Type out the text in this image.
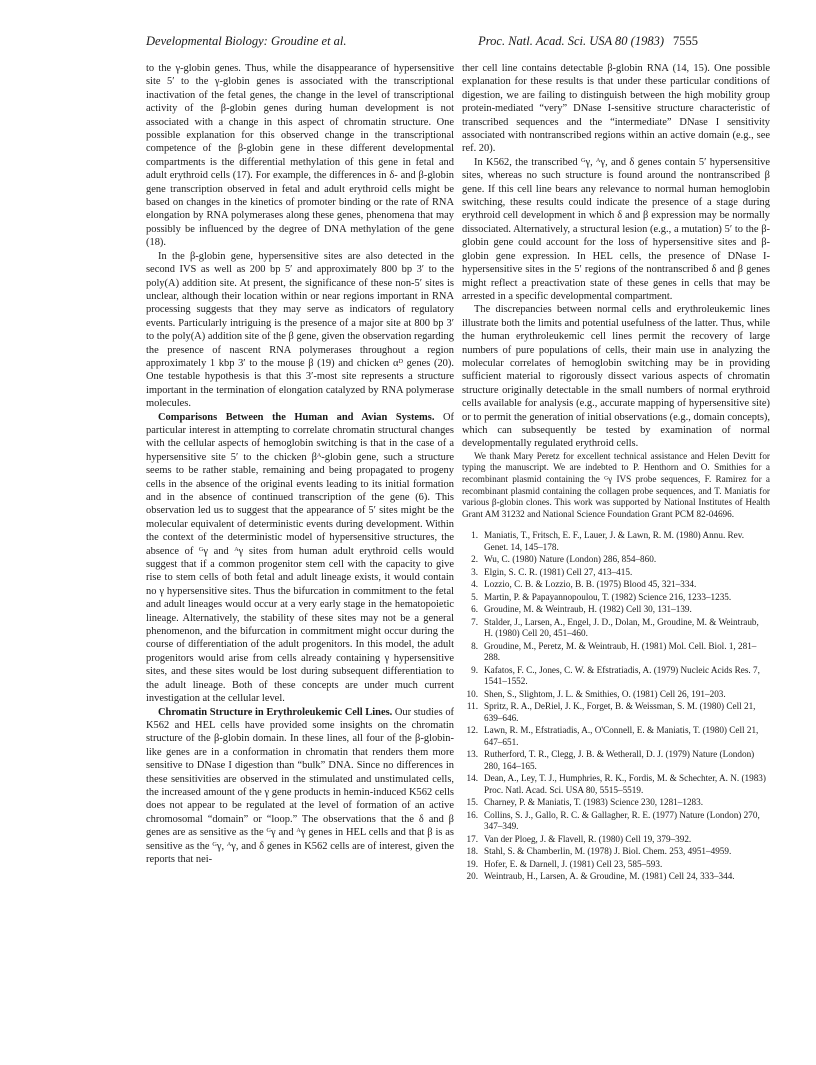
Developmental Biology: Groudine et al.	Proc. Natl. Acad. Sci. USA 80 (1983) 7555

to the γ-globin genes. Thus, while the disappearance of hypersensitive site 5′ to the γ-globin genes is associated with the transcriptional inactivation of the fetal genes, the change in the level of transcriptional activity of the β-globin genes during human development is not associated with a change in this aspect of chromatin structure. One possible explanation for this observed change in the transcriptional competence of the β-globin gene in these different developmental compartments is the differential methylation of this gene in fetal and adult erythroid cells (17). For example, the differences in δ- and β-globin gene transcription observed in fetal and adult erythroid cells might be based on changes in the kinetics of promoter binding or the rate of RNA elongation by RNA polymerases along these genes, phenomena that may possibly be influenced by the degree of DNA methylation of the gene (18).

In the β-globin gene, hypersensitive sites are also detected in the second IVS as well as 200 bp 5′ and approximately 800 bp 3′ to the poly(A) addition site. At present, the significance of these non-5′ sites is unclear, although their location within or near regions important in RNA processing suggests that they may serve as indicators of regulatory events. Particularly intriguing is the presence of a major site at 800 bp 3′ to the poly(A) addition site of the β gene, given the observation regarding the presence of nascent RNA polymerases throughout a region approximately 1 kbp 3′ to the mouse β (19) and chicken αᴰ genes (20). One testable hypothesis is that this 3′-most site represents a structure important in the termination of elongation catalyzed by RNA polymerase molecules.

Comparisons Between the Human and Avian Systems. Of particular interest in attempting to correlate chromatin structural changes with the cellular aspects of hemoglobin switching is that in the case of a hypersensitive site 5′ to the chicken βᴬ-globin gene, such a structure seems to be rather stable, remaining and being propagated to progeny cells in the absence of the original events leading to its initial formation and in the absence of continued transcription of the gene (6). This observation led us to suggest that the appearance of 5′ sites might be the molecular equivalent of deterministic events during development. Within the context of the deterministic model of hypersensitive structures, the absence of ᴳγ and ᴬγ sites from human adult erythroid cells would suggest that if a common progenitor stem cell with the capacity to give rise to stem cells of both fetal and adult lineage exists, it would contain no γ hypersensitive sites. Thus the bifurcation in commitment to the fetal and adult lineages would occur at a very early stage in the hematopoietic lineage. Alternatively, the stability of these sites may not be a general phenomenon, and the bifurcation in commitment might occur during the course of differentiation of the adult progenitors. In this model, the adult progenitors would arise from cells already containing γ hypersensitive sites, and these sites would be lost during subsequent differentiation to the adult lineage. Both of these concepts are under much current investigation at the cellular level.

Chromatin Structure in Erythroleukemic Cell Lines. Our studies of K562 and HEL cells have provided some insights on the chromatin structure of the β-globin domain. In these lines, all four of the β-globin-like genes are in a conformation in chromatin that renders them more sensitive to DNase I digestion than “bulk” DNA. Since no differences in these sensitivities are observed in the stimulated and unstimulated cells, the increased amount of the γ gene products in hemin-induced K562 cells does not appear to be regulated at the level of formation of an active chromosomal “domain” or “loop.” The observations that the δ and β genes are as sensitive as the ᴳγ and ᴬγ genes in HEL cells and that β is as sensitive as the ᴳγ, ᴬγ, and δ genes in K562 cells are of interest, given the reports that nei-

ther cell line contains detectable β-globin RNA (14, 15). One possible explanation for these results is that under these particular conditions of digestion, we are failing to distinguish between the high mobility group protein-mediated “very” DNase I-sensitive structure characteristic of transcribed sequences and the “intermediate” DNase I sensitivity associated with nontranscribed regions within an active domain (e.g., see ref. 20).

In K562, the transcribed ᴳγ, ᴬγ, and δ genes contain 5′ hypersensitive sites, whereas no such structure is found around the nontranscribed β gene. If this cell line bears any relevance to normal human hemoglobin switching, these results could indicate the presence of a stage during erythroid cell development in which δ and β expression may be normally dissociated. Alternatively, a structural lesion (e.g., a mutation) 5′ to the β-globin gene could account for the loss of hypersensitive sites and β-globin gene expression. In HEL cells, the presence of DNase I-hypersensitive sites in the 5′ regions of the nontranscribed δ and β genes might reflect a preactivation state of these genes in cells that may be arrested in a specific developmental compartment.

The discrepancies between normal cells and erythroleukemic lines illustrate both the limits and potential usefulness of the latter. Thus, while the human erythroleukemic cell lines permit the recovery of large numbers of pure populations of cells, their main use in analyzing the molecular correlates of hemoglobin switching may be in providing sufficient material to rigorously dissect various aspects of chromatin structure originally detectable in the small numbers of normal erythroid cells available for analysis (e.g., accurate mapping of hypersensitive site) or to permit the generation of initial observations (e.g., domain concepts), which can subsequently be tested by examination of normal developmentally regulated erythroid cells.

We thank Mary Peretz for excellent technical assistance and Helen Devitt for typing the manuscript. We are indebted to P. Henthorn and O. Smithies for a recombinant plasmid containing the ᴳγ IVS probe sequences, F. Ramirez for a recombinant plasmid containing the collagen probe sequences, and T. Maniatis for various β-globin clones. This work was supported by National Institutes of Health Grant AM 31232 and National Science Foundation Grant PCM 82-04696.

1. Maniatis, T., Fritsch, E. F., Lauer, J. & Lawn, R. M. (1980) Annu. Rev. Genet. 14, 145–178.
2. Wu, C. (1980) Nature (London) 286, 854–860.
3. Elgin, S. C. R. (1981) Cell 27, 413–415.
4. Lozzio, C. B. & Lozzio, B. B. (1975) Blood 45, 321–334.
5. Martin, P. & Papayannopoulou, T. (1982) Science 216, 1233–1235.
6. Groudine, M. & Weintraub, H. (1982) Cell 30, 131–139.
7. Stalder, J., Larsen, A., Engel, J. D., Dolan, M., Groudine, M. & Weintraub, H. (1980) Cell 20, 451–460.
8. Groudine, M., Peretz, M. & Weintraub, H. (1981) Mol. Cell. Biol. 1, 281–288.
9. Kafatos, F. C., Jones, C. W. & Efstratiadis, A. (1979) Nucleic Acids Res. 7, 1541–1552.
10. Shen, S., Slightom, J. L. & Smithies, O. (1981) Cell 26, 191–203.
11. Spritz, R. A., DeRiel, J. K., Forget, B. & Weissman, S. M. (1980) Cell 21, 639–646.
12. Lawn, R. M., Efstratiadis, A., O'Connell, E. & Maniatis, T. (1980) Cell 21, 647–651.
13. Rutherford, T. R., Clegg, J. B. & Wetherall, D. J. (1979) Nature (London) 280, 164–165.
14. Dean, A., Ley, T. J., Humphries, R. K., Fordis, M. & Schechter, A. N. (1983) Proc. Natl. Acad. Sci. USA 80, 5515–5519.
15. Charney, P. & Maniatis, T. (1983) Science 230, 1281–1283.
16. Collins, S. J., Gallo, R. C. & Gallagher, R. E. (1977) Nature (London) 270, 347–349.
17. Van der Ploeg, J. & Flavell, R. (1980) Cell 19, 379–392.
18. Stahl, S. & Chamberlin, M. (1978) J. Biol. Chem. 253, 4951–4959.
19. Hofer, E. & Darnell, J. (1981) Cell 23, 585–593.
20. Weintraub, H., Larsen, A. & Groudine, M. (1981) Cell 24, 333–344.
